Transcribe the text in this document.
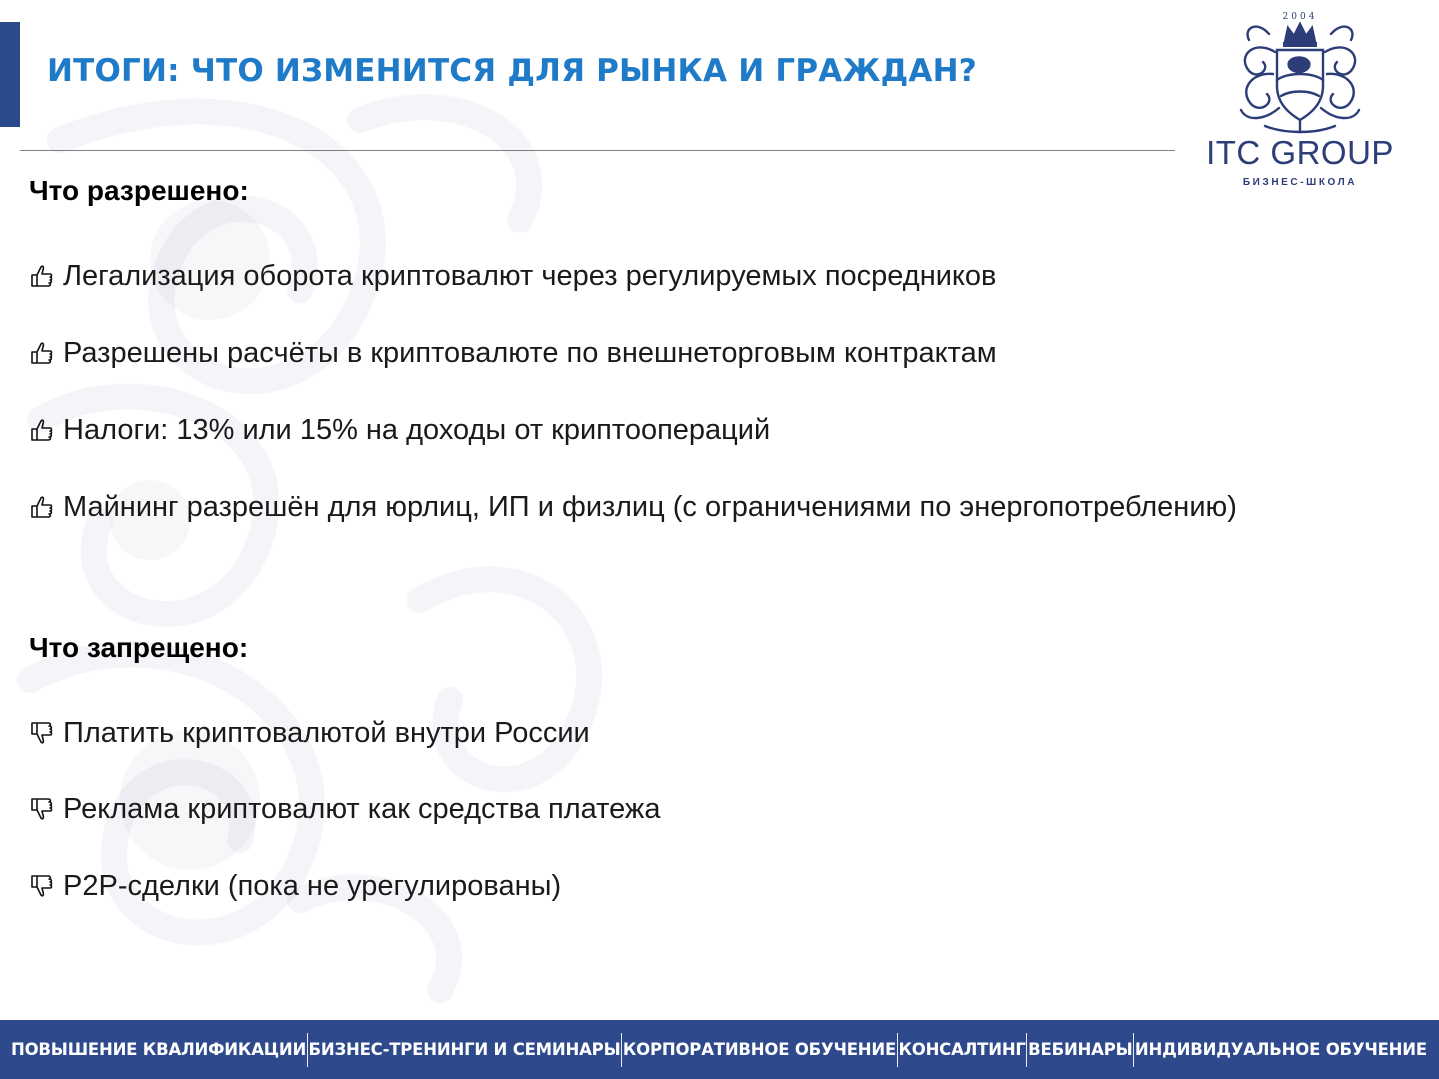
ИТОГИ: ЧТО ИЗМЕНИТСЯ ДЛЯ РЫНКА И ГРАЖДАН?
2004
ITC GROUP
БИЗНЕС-ШКОЛА
Что разрешено:
Легализация оборота криптовалют через регулируемых посредников
Разрешены расчёты в криптовалюте по внешнеторговым контрактам
Налоги: 13% или 15% на доходы от криптоопераций
Майнинг разрешён для юрлиц, ИП и физлиц (с ограничениями по энергопотреблению)
Что запрещено:
Платить криптовалютой внутри России
Реклама криптовалют как средства платежа
P2P-сделки (пока не урегулированы)
ПОВЫШЕНИЕ КВАЛИФИКАЦИИ БИЗНЕС-ТРЕНИНГИ И СЕМИНАРЫ КОРПОРАТИВНОЕ ОБУЧЕНИЕ КОНСАЛТИНГ ВЕБИНАРЫ ИНДИВИДУАЛЬНОЕ ОБУЧЕНИЕ
